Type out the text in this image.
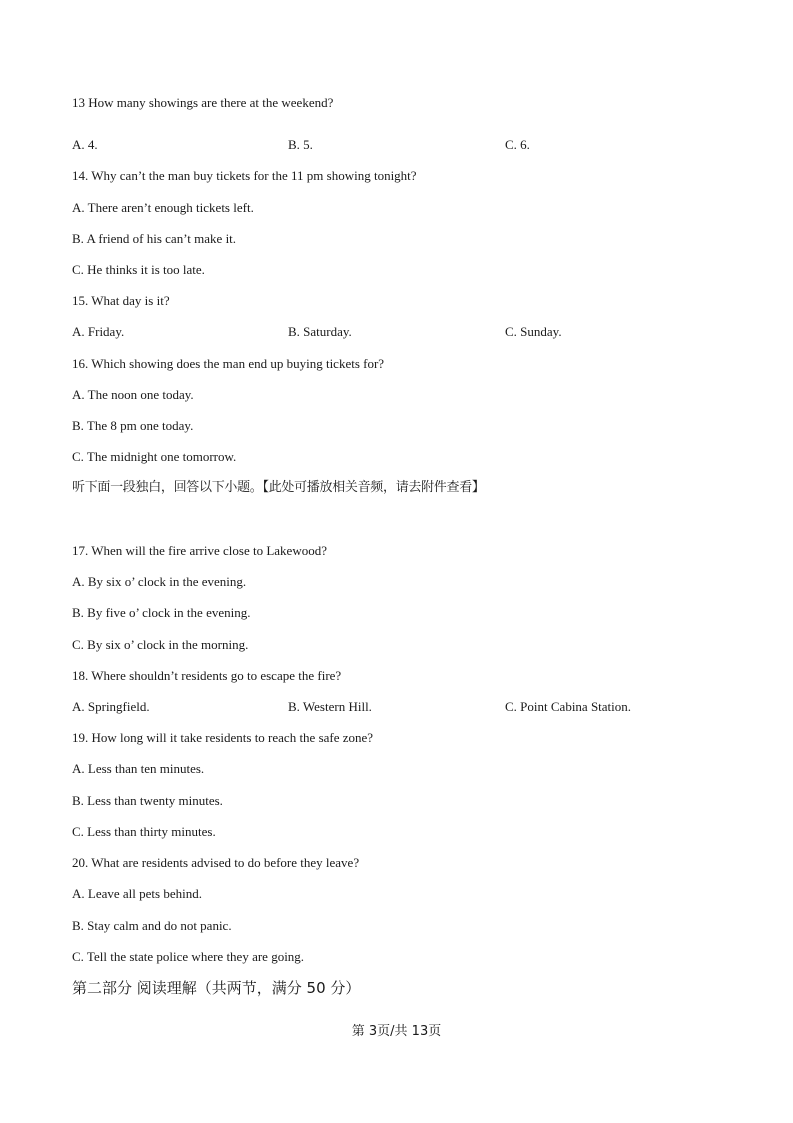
13 How many showings are there at the weekend?
A. 4.	B. 5.	C. 6.
14. Why can’t the man buy tickets for the 11 pm showing tonight?
A. There aren’t enough tickets left.
B. A friend of his can’t make it.
C. He thinks it is too late.
15. What day is it?
A. Friday.	B. Saturday.	C. Sunday.
16. Which showing does the man end up buying tickets for?
A. The noon one today.
B. The 8 pm one today.
C. The midnight one tomorrow.
听下面一段独白，回答以下小题。【此处可播放相关音频，请去附件查看】
17. When will the fire arrive close to Lakewood?
A. By six o’ clock in the evening.
B. By five o’ clock in the evening.
C. By six o’ clock in the morning.
18. Where shouldn’t residents go to escape the fire?
A. Springfield.	B. Western Hill.	C. Point Cabina Station.
19. How long will it take residents to reach the safe zone?
A. Less than ten minutes.
B. Less than twenty minutes.
C. Less than thirty minutes.
20. What are residents advised to do before they leave?
A. Leave all pets behind.
B. Stay calm and do not panic.
C. Tell the state police where they are going.
第二部分 阅读理解（共两节，满分 50 分）
第 3页/共 13页
